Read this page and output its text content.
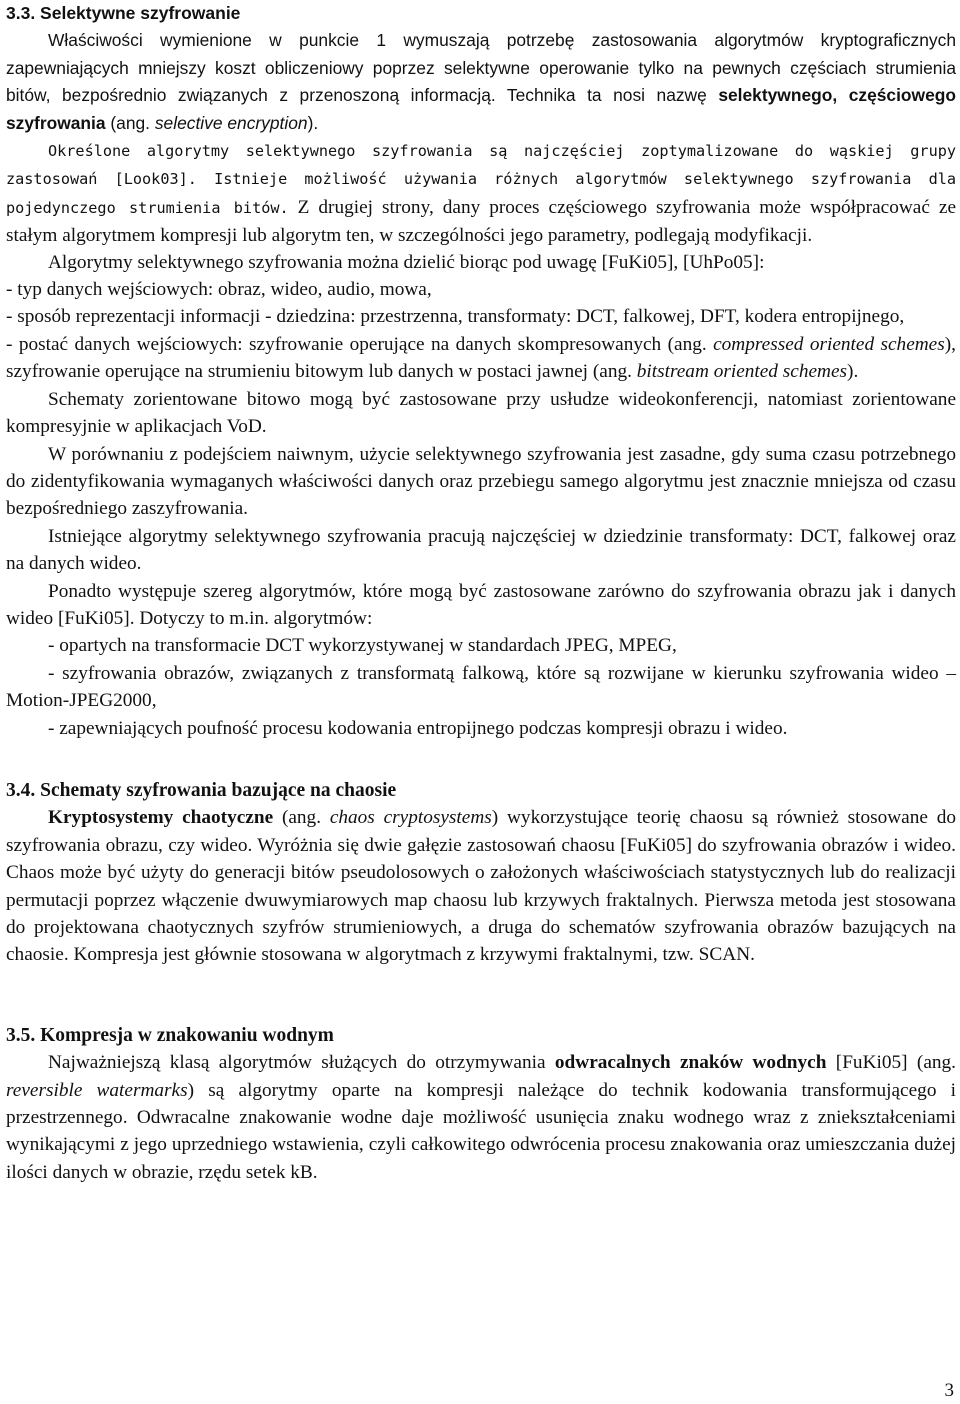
3.3. Selektywne szyfrowanie
Właściwości wymienione w punkcie 1 wymuszają potrzebę zastosowania algorytmów kryptograficznych zapewniających mniejszy koszt obliczeniowy poprzez selektywne operowanie tylko na pewnych częściach strumienia bitów, bezpośrednio związanych z przenoszoną informacją. Technika ta nosi nazwę selektywnego, częściowego szyfrowania (ang. selective encryption).
Określone algorytmy selektywnego szyfrowania są najczęściej zoptymalizowane do wąskiej grupy zastosowań [Look03]. Istnieje możliwość używania różnych algorytmów selektywnego szyfrowania dla pojedynczego strumienia bitów. Z drugiej strony, dany proces częściowego szyfrowania może współpracować ze stałym algorytmem kompresji lub algorytm ten, w szczególności jego parametry, podlegają modyfikacji.
Algorytmy selektywnego szyfrowania można dzielić biorąc pod uwagę [FuKi05], [UhPo05]:
- typ danych wejściowych: obraz, wideo, audio, mowa,
- sposób reprezentacji informacji - dziedzina: przestrzenna, transformaty: DCT, falkowej, DFT, kodera entropijnego,
- postać danych wejściowych: szyfrowanie operujące na danych skompresowanych (ang. compressed oriented schemes), szyfrowanie operujące na strumieniu bitowym lub danych w postaci jawnej (ang. bitstream oriented schemes).
Schematy zorientowane bitowo mogą być zastosowane przy usłudze wideokonferencji, natomiast zorientowane kompresyjnie w aplikacjach VoD.
W porównaniu z podejściem naiwnym, użycie selektywnego szyfrowania jest zasadne, gdy suma czasu potrzebnego do zidentyfikowania wymaganych właściwości danych oraz przebiegu samego algorytmu jest znacznie mniejsza od czasu bezpośredniego zaszyfrowania.
Istniejące algorytmy selektywnego szyfrowania pracują najczęściej w dziedzinie transformaty: DCT, falkowej oraz na danych wideo.
Ponadto występuje szereg algorytmów, które mogą być zastosowane zarówno do szyfrowania obrazu jak i danych wideo [FuKi05]. Dotyczy to m.in. algorytmów:
- opartych na transformacie DCT wykorzystywanej w standardach JPEG, MPEG,
- szyfrowania obrazów, związanych z transformatą falkową, które są rozwijane w kierunku szyfrowania wideo – Motion-JPEG2000,
- zapewniających poufność procesu kodowania entropijnego podczas kompresji obrazu i wideo.
3.4. Schematy szyfrowania bazujące na chaosie
Kryptosystemy chaotyczne (ang. chaos cryptosystems) wykorzystujące teorię chaosu są również stosowane do szyfrowania obrazu, czy wideo. Wyróżnia się dwie gałęzie zastosowań chaosu [FuKi05] do szyfrowania obrazów i wideo. Chaos może być użyty do generacji bitów pseudolosowych o założonych właściwościach statystycznych lub do realizacji permutacji poprzez włączenie dwuwymiarowych map chaosu lub krzywych fraktalnych. Pierwsza metoda jest stosowana do projektowana chaotycznych szyfrów strumieniowych, a druga do schematów szyfrowania obrazów bazujących na chaosie. Kompresja jest głównie stosowana w algorytmach z krzywymi fraktalnymi, tzw. SCAN.
3.5. Kompresja w znakowaniu wodnym
Najważniejszą klasą algorytmów służących do otrzymywania odwracalnych znaków wodnych [FuKi05] (ang. reversible watermarks) są algorytmy oparte na kompresji należące do technik kodowania transformującego i przestrzennego. Odwracalne znakowanie wodne daje możliwość usunięcia znaku wodnego wraz z zniekształceniami wynikającymi z jego uprzedniego wstawienia, czyli całkowitego odwrócenia procesu znakowania oraz umieszczania dużej ilości danych w obrazie, rzędu setek kB.
3
